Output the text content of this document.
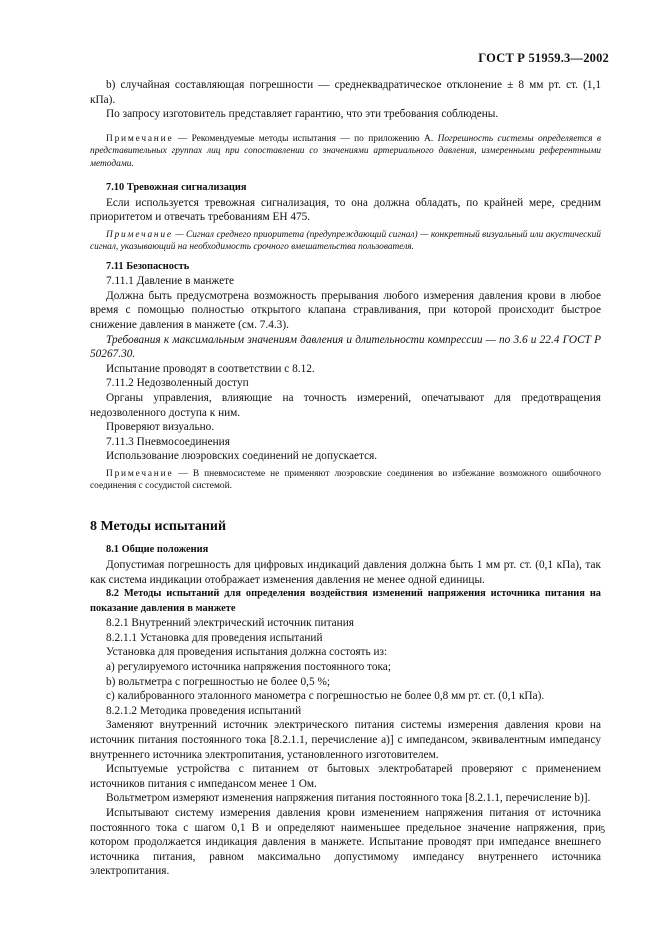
ГОСТ Р 51959.3—2002

b) случайная составляющая погрешности — среднеквадратическое отклонение ± 8 мм рт. ст. (1,1 кПа).

По запросу изготовитель представляет гарантию, что эти требования соблюдены.

Примечание — Рекомендуемые методы испытания — по приложению А. Погрешность системы определяется в представительных группах лиц при сопоставлении со значениями артериального давления, измеренными референтными методами.

7.10 Тревожная сигнализация

Если используется тревожная сигнализация, то она должна обладать, по крайней мере, средним приоритетом и отвечать требованиям ЕН 475.

Примечание — Сигнал среднего приоритета (предупреждающий сигнал) — конкретный визуальный или акустический сигнал, указывающий на необходимость срочного вмешательства пользователя.

7.11 Безопасность

7.11.1 Давление в манжете

Должна быть предусмотрена возможность прерывания любого измерения давления крови в любое время с помощью полностью открытого клапана стравливания, при которой происходит быстрое снижение давления в манжете (см. 7.4.3).

Требования к максимальным значениям давления и длительности компрессии — по 3.6 и 22.4 ГОСТ Р 50267.30.

Испытание проводят в соответствии с 8.12.

7.11.2 Недозволенный доступ

Органы управления, влияющие на точность измерений, опечатывают для предотвращения недозволенного доступа к ним.

Проверяют визуально.

7.11.3 Пневмосоединения

Использование люэровских соединений не допускается.

Примечание — В пневмосистеме не применяют люэровские соединения во избежание возможного ошибочного соединения с сосудистой системой.

8 Методы испытаний

8.1 Общие положения

Допустимая погрешность для цифровых индикаций давления должна быть 1 мм рт. ст. (0,1 кПа), так как система индикации отображает изменения давления не менее одной единицы.

8.2 Методы испытаний для определения воздействия изменений напряжения источника питания на показание давления в манжете

8.2.1 Внутренний электрический источник питания

8.2.1.1 Установка для проведения испытаний

Установка для проведения испытания должна состоять из:

a) регулируемого источника напряжения постоянного тока;

b) вольтметра с погрешностью не более 0,5 %;

c) калиброванного эталонного манометра с погрешностью не более 0,8 мм рт. ст. (0,1 кПа).

8.2.1.2 Методика проведения испытаний

Заменяют внутренний источник электрического питания системы измерения давления крови на источник питания постоянного тока [8.2.1.1, перечисление а)] с импедансом, эквивалентным импедансу внутреннего источника электропитания, установленного изготовителем.

Испытуемые устройства с питанием от бытовых электробатарей проверяют с применением источников питания с импедансом менее 1 Ом.

Вольтметром измеряют изменения напряжения питания постоянного тока [8.2.1.1, перечисление b)].

Испытывают систему измерения давления крови изменением напряжения питания от источника постоянного тока с шагом 0,1 В и определяют наименьшее предельное значение напряжения, при котором продолжается индикация давления в манжете. Испытание проводят при импедансе внешнего источника питания, равном максимально допустимому импедансу внутреннего источника электропитания.

5
